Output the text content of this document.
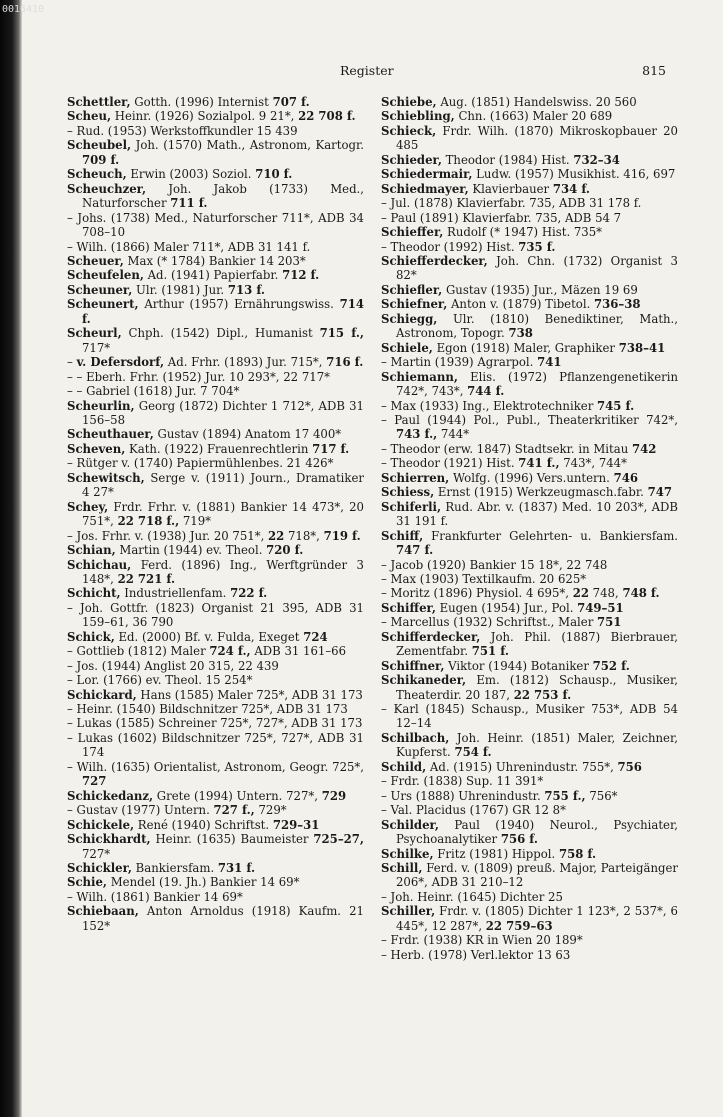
0016410
Register	815
Schettler, Gotth. (1996) Internist 707 f.
Scheu, Heinr. (1926) Sozialpol. 9 21*, 22 708 f.
– Rud. (1953) Werkstoffkundler 15 439
Scheubel, Joh. (1570) Math., Astronom, Kartogr. 709 f.
Scheuch, Erwin (2003) Soziol. 710 f.
Scheuchzer, Joh. Jakob (1733) Med., Naturforscher 711 f.
– Johs. (1738) Med., Naturforscher 711*, ADB 34 708–10
– Wilh. (1866) Maler 711*, ADB 31 141 f.
Scheuer, Max (* 1784) Bankier 14 203*
Scheufelen, Ad. (1941) Papierfabr. 712 f.
Scheuner, Ulr. (1981) Jur. 713 f.
Scheunert, Arthur (1957) Ernährungswiss. 714 f.
Scheurl, Chph. (1542) Dipl., Humanist 715 f., 717*
– v. Defersdorf, Ad. Frhr. (1893) Jur. 715*, 716 f.
– – Eberh. Frhr. (1952) Jur. 10 293*, 22 717*
– – Gabriel (1618) Jur. 7 704*
Scheurlin, Georg (1872) Dichter 1 712*, ADB 31 156–58
Scheuthauer, Gustav (1894) Anatom 17 400*
Scheven, Kath. (1922) Frauenrechtlerin 717 f.
– Rütger v. (1740) Papiermühlenbes. 21 426*
Schewitsch, Serge v. (1911) Journ., Dramatiker 4 27*
Schey, Frdr. Frhr. v. (1881) Bankier 14 473*, 20 751*, 22 718 f., 719*
– Jos. Frhr. v. (1938) Jur. 20 751*, 22 718*, 719 f.
Schian, Martin (1944) ev. Theol. 720 f.
Schichau, Ferd. (1896) Ing., Werftgründer 3 148*, 22 721 f.
Schicht, Industriellenfam. 722 f.
– Joh. Gottfr. (1823) Organist 21 395, ADB 31 159–61, 36 790
Schick, Ed. (2000) Bf. v. Fulda, Exeget 724
– Gottlieb (1812) Maler 724 f., ADB 31 161–66
– Jos. (1944) Anglist 20 315, 22 439
– Lor. (1766) ev. Theol. 15 254*
Schickard, Hans (1585) Maler 725*, ADB 31 173
– Heinr. (1540) Bildschnitzer 725*, ADB 31 173
– Lukas (1585) Schreiner 725*, 727*, ADB 31 173
– Lukas (1602) Bildschnitzer 725*, 727*, ADB 31 174
– Wilh. (1635) Orientalist, Astronom, Geogr. 725*, 727
Schickedanz, Grete (1994) Untern. 727*, 729
– Gustav (1977) Untern. 727 f., 729*
Schickele, René (1940) Schriftst. 729–31
Schickhardt, Heinr. (1635) Baumeister 725–27, 727*
Schickler, Bankiersfam. 731 f.
Schie, Mendel (19. Jh.) Bankier 14 69*
– Wilh. (1861) Bankier 14 69*
Schiebaan, Anton Arnoldus (1918) Kaufm. 21 152*
Schiebe, Aug. (1851) Handelswiss. 20 560
Schiebling, Chn. (1663) Maler 20 689
Schieck, Frdr. Wilh. (1870) Mikroskopbauer 20 485
Schieder, Theodor (1984) Hist. 732–34
Schiedermair, Ludw. (1957) Musikhist. 416, 697
Schiedmayer, Klavierbauer 734 f.
– Jul. (1878) Klavierfabr. 735, ADB 31 178 f.
– Paul (1891) Klavierfabr. 735, ADB 54 7
Schieffer, Rudolf (* 1947) Hist. 735*
– Theodor (1992) Hist. 735 f.
Schiefferdecker, Joh. Chn. (1732) Organist 3 82*
Schiefler, Gustav (1935) Jur., Mäzen 19 69
Schiefner, Anton v. (1879) Tibetol. 736–38
Schiegg, Ulr. (1810) Benediktiner, Math., Astronom, Topogr. 738
Schiele, Egon (1918) Maler, Graphiker 738–41
– Martin (1939) Agrarpol. 741
Schiemann, Elis. (1972) Pflanzengenetikerin 742*, 743*, 744 f.
– Max (1933) Ing., Elektrotechniker 745 f.
– Paul (1944) Pol., Publ., Theaterkritiker 742*, 743 f., 744*
– Theodor (erw. 1847) Stadtsekr. in Mitau 742
– Theodor (1921) Hist. 741 f., 743*, 744*
Schierren, Wolfg. (1996) Vers.untern. 746
Schiess, Ernst (1915) Werkzeugmasch.fabr. 747
Schiferli, Rud. Abr. v. (1837) Med. 10 203*, ADB 31 191 f.
Schiff, Frankfurter Gelehrten- u. Bankiersfam. 747 f.
– Jacob (1920) Bankier 15 18*, 22 748
– Max (1903) Textilkaufm. 20 625*
– Moritz (1896) Physiol. 4 695*, 22 748, 748 f.
Schiffer, Eugen (1954) Jur., Pol. 749–51
– Marcellus (1932) Schriftst., Maler 751
Schifferdecker, Joh. Phil. (1887) Bierbrauer, Zementfabr. 751 f.
Schiffner, Viktor (1944) Botaniker 752 f.
Schikaneder, Em. (1812) Schausp., Musiker, Theaterdir. 20 187, 22 753 f.
– Karl (1845) Schausp., Musiker 753*, ADB 54 12–14
Schilbach, Joh. Heinr. (1851) Maler, Zeichner, Kupferst. 754 f.
Schild, Ad. (1915) Uhrenindustr. 755*, 756
– Frdr. (1838) Sup. 11 391*
– Urs (1888) Uhrenindustr. 755 f., 756*
– Val. Placidus (1767) GR 12 8*
Schilder, Paul (1940) Neurol., Psychiater, Psychoanalytiker 756 f.
Schilke, Fritz (1981) Hippol. 758 f.
Schill, Ferd. v. (1809) preuß. Major, Parteigänger 206*, ADB 31 210–12
– Joh. Heinr. (1645) Dichter 25
Schiller, Frdr. v. (1805) Dichter 1 123*, 2 537*, 6 445*, 12 287*, 22 759–63
– Frdr. (1938) KR in Wien 20 189*
– Herb. (1978) Verl.lektor 13 63
